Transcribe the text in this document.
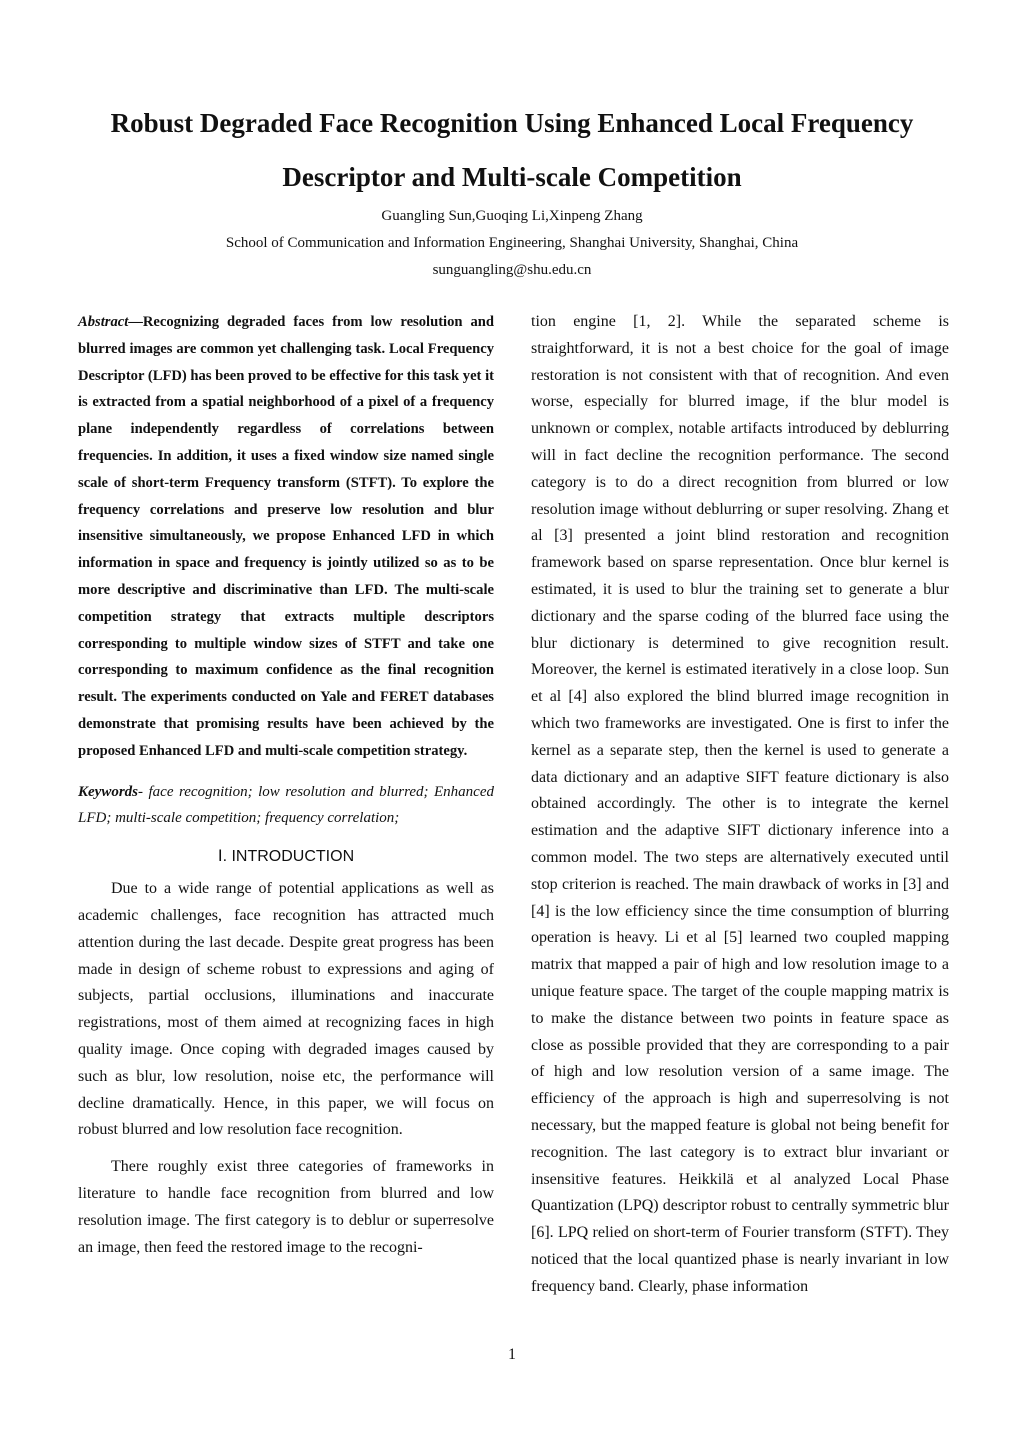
Robust Degraded Face Recognition Using Enhanced Local Frequency
Descriptor and Multi-scale Competition
Guangling Sun,Guoqing Li,Xinpeng Zhang
School of Communication and Information Engineering, Shanghai University, Shanghai, China
sunguangling@shu.edu.cn

Abstract—Recognizing degraded faces from low resolution and blurred images are common yet challenging task. Local Frequency Descriptor (LFD) has been proved to be effective for this task yet it is extracted from a spatial neighborhood of a pixel of a frequency plane independently regardless of correlations between frequencies. In addition, it uses a fixed window size named single scale of short-term Frequency transform (STFT). To explore the frequency correlations and preserve low resolution and blur insensitive simultaneously, we propose Enhanced LFD in which information in space and frequency is jointly utilized so as to be more descriptive and discriminative than LFD. The multi-scale competition strategy that extracts multiple descriptors corresponding to multiple window sizes of STFT and take one corresponding to maximum confidence as the final recognition result. The experiments conducted on Yale and FERET databases demonstrate that promising results have been achieved by the proposed Enhanced LFD and multi-scale competition strategy.

Keywords- face recognition; low resolution and blurred; Enhanced LFD; multi-scale competition; frequency correlation;

Ⅰ. INTRODUCTION

Due to a wide range of potential applications as well as academic challenges, face recognition has attracted much attention during the last decade. Despite great progress has been made in design of scheme robust to expressions and aging of subjects, partial occlusions, illuminations and inaccurate registrations, most of them aimed at recognizing faces in high quality image. Once coping with degraded images caused by such as blur, low resolution, noise etc, the performance will decline dramatically. Hence, in this paper, we will focus on robust blurred and low resolution face recognition.

There roughly exist three categories of frameworks in literature to handle face recognition from blurred and low resolution image. The first category is to deblur or superresolve an image, then feed the restored image to the recogni-

tion engine [1, 2]. While the separated scheme is straightforward, it is not a best choice for the goal of image restoration is not consistent with that of recognition. And even worse, especially for blurred image, if the blur model is unknown or complex, notable artifacts introduced by deblurring will in fact decline the recognition performance. The second category is to do a direct recognition from blurred or low resolution image without deblurring or super resolving. Zhang et al [3] presented a joint blind restoration and recognition framework based on sparse representation. Once blur kernel is estimated, it is used to blur the training set to generate a blur dictionary and the sparse coding of the blurred face using the blur dictionary is determined to give recognition result. Moreover, the kernel is estimated iteratively in a close loop. Sun et al [4] also explored the blind blurred image recognition in which two frameworks are investigated. One is first to infer the kernel as a separate step, then the kernel is used to generate a data dictionary and an adaptive SIFT feature dictionary is also obtained accordingly. The other is to integrate the kernel estimation and the adaptive SIFT dictionary inference into a common model. The two steps are alternatively executed until stop criterion is reached. The main drawback of works in [3] and [4] is the low efficiency since the time consumption of blurring operation is heavy. Li et al [5] learned two coupled mapping matrix that mapped a pair of high and low resolution image to a unique feature space. The target of the couple mapping matrix is to make the distance between two points in feature space as close as possible provided that they are corresponding to a pair of high and low resolution version of a same image. The efficiency of the approach is high and superresolving is not necessary, but the mapped feature is global not being benefit for recognition. The last category is to extract blur invariant or insensitive features. Heikkilä et al analyzed Local Phase Quantization (LPQ) descriptor robust to centrally symmetric blur [6]. LPQ relied on short-term of Fourier transform (STFT). They noticed that the local quantized phase is nearly invariant in low frequency band. Clearly, phase information

1
